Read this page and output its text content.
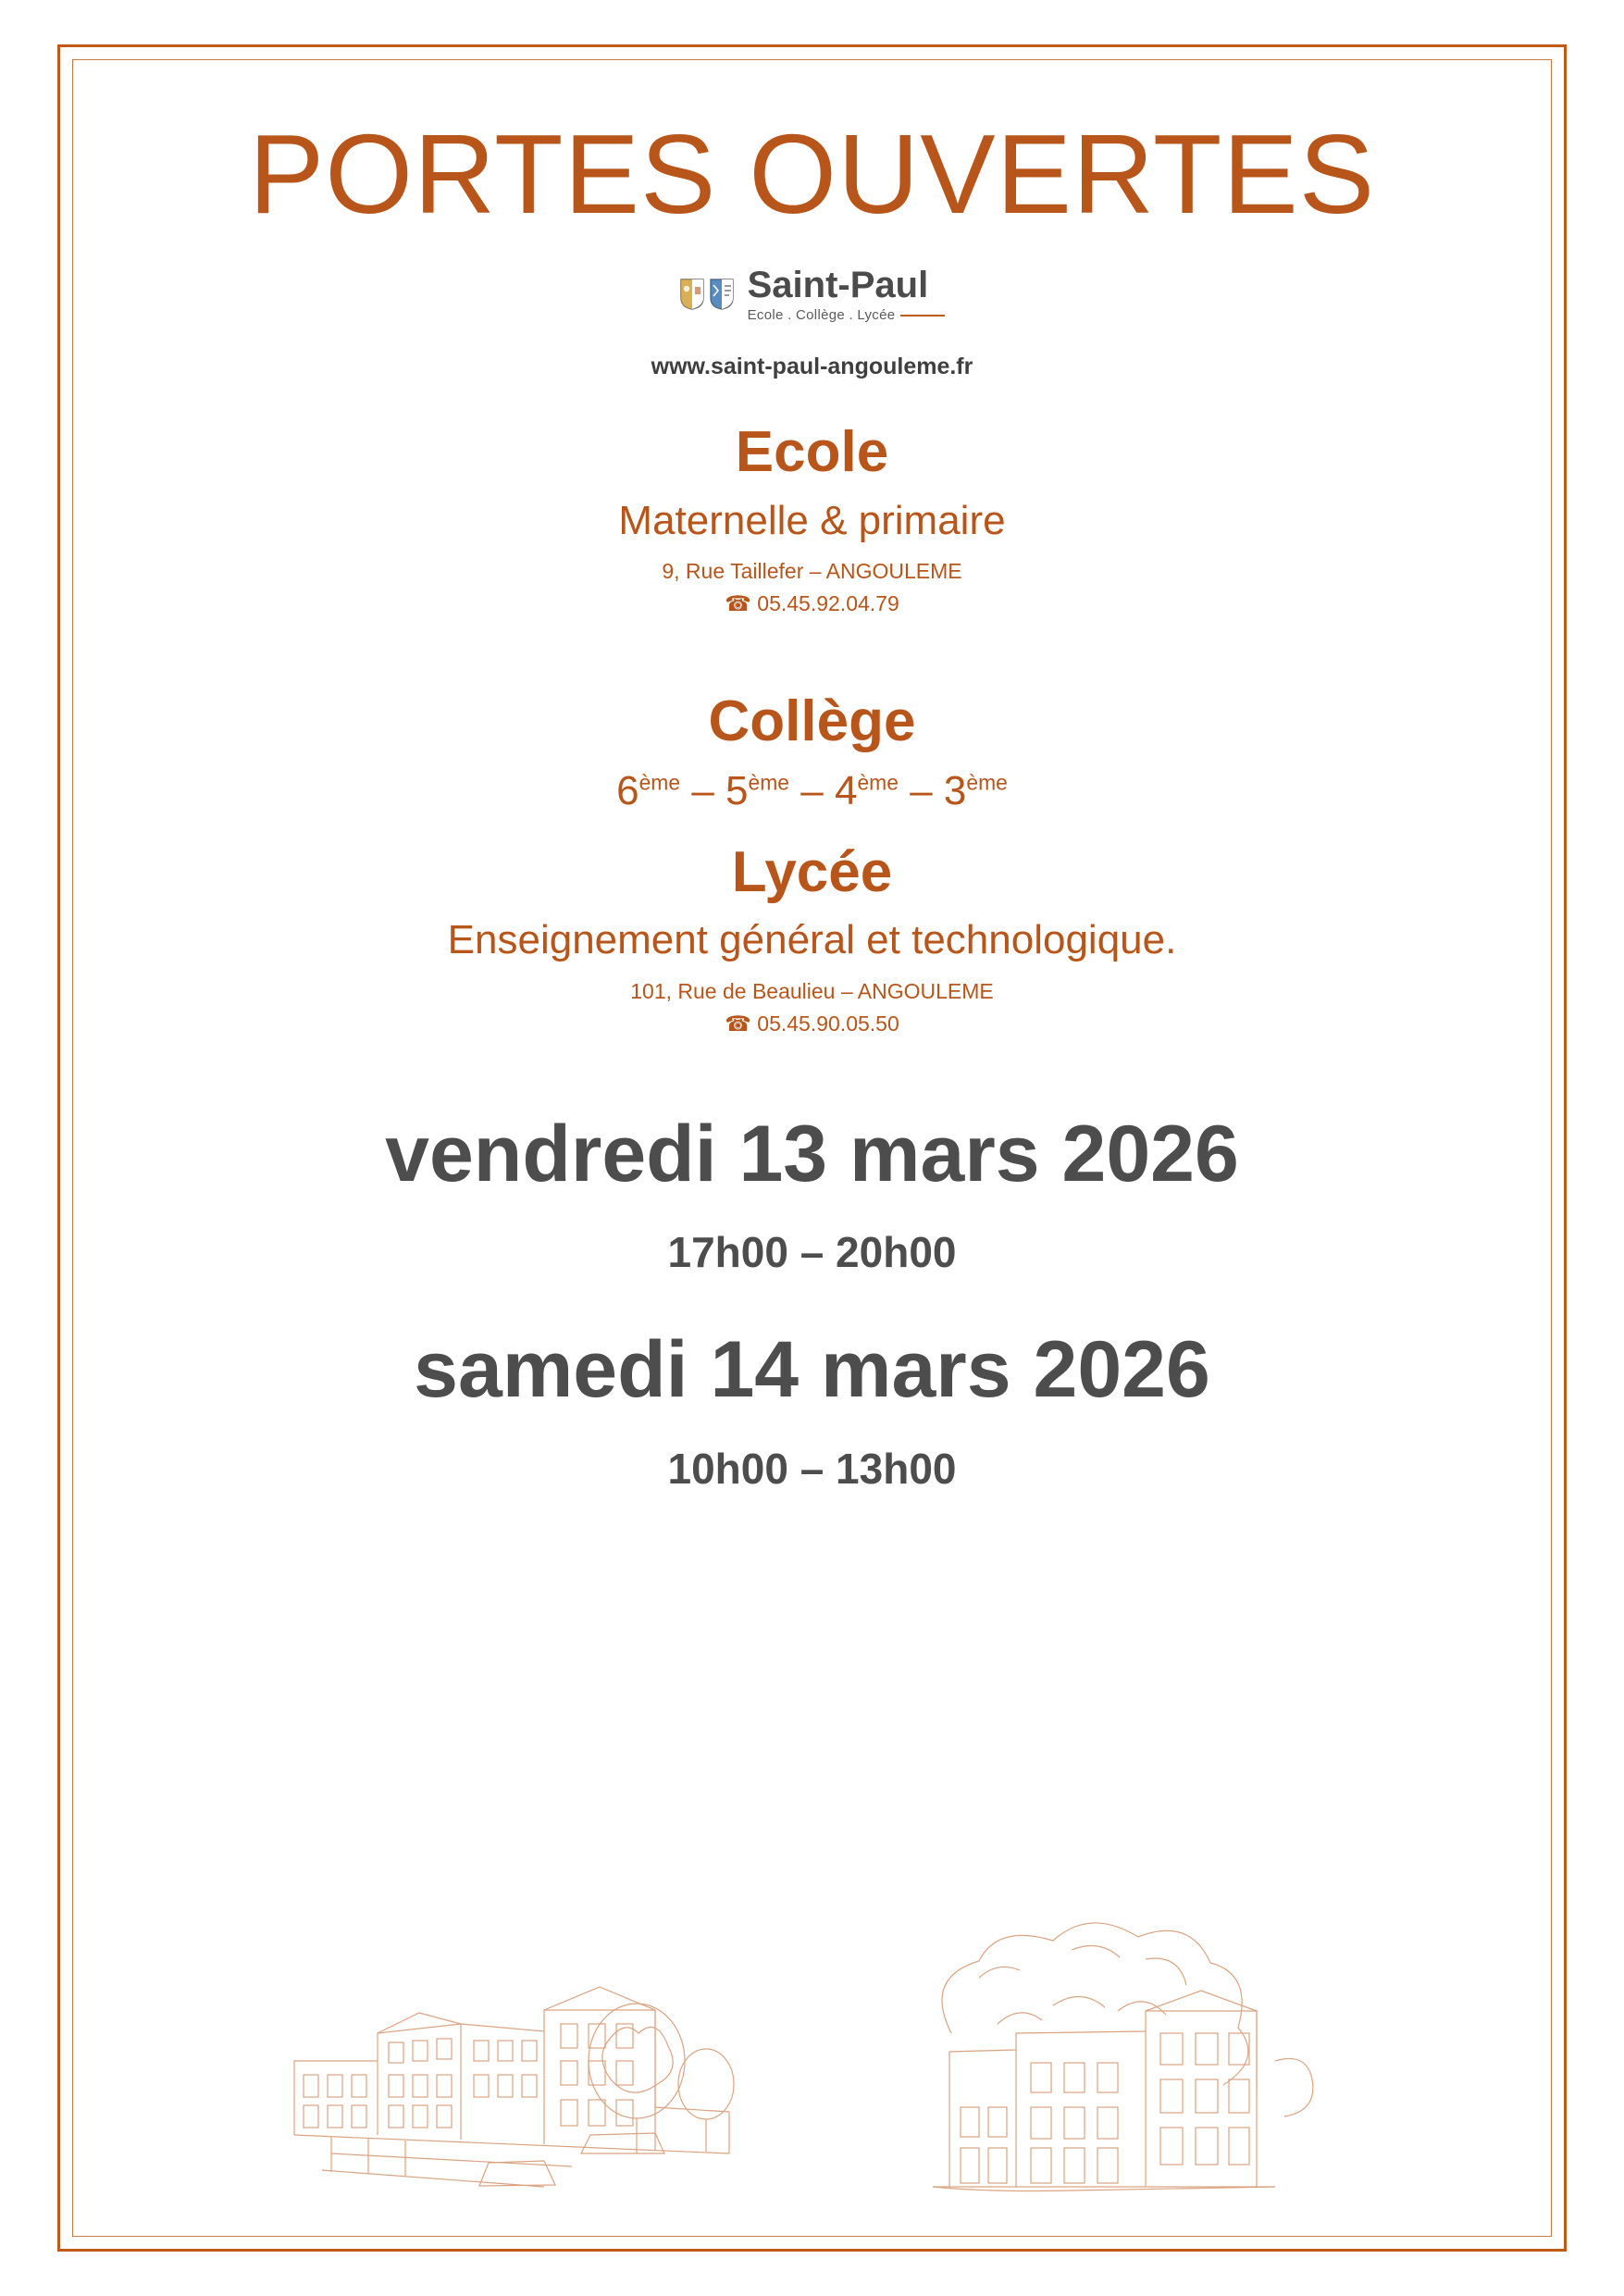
PORTES OUVERTES
Saint-Paul
Ecole . Collège . Lycée
www.saint-paul-angouleme.fr
Ecole
Maternelle & primaire
9, Rue Taillefer – ANGOULEME
☎ 05.45.92.04.79
Collège
6ème – 5ème – 4ème – 3ème
Lycée
Enseignement général et technologique.
101, Rue de Beaulieu – ANGOULEME
☎ 05.45.90.05.50
vendredi 13 mars 2026
17h00 – 20h00
samedi 14 mars 2026
10h00 – 13h00
